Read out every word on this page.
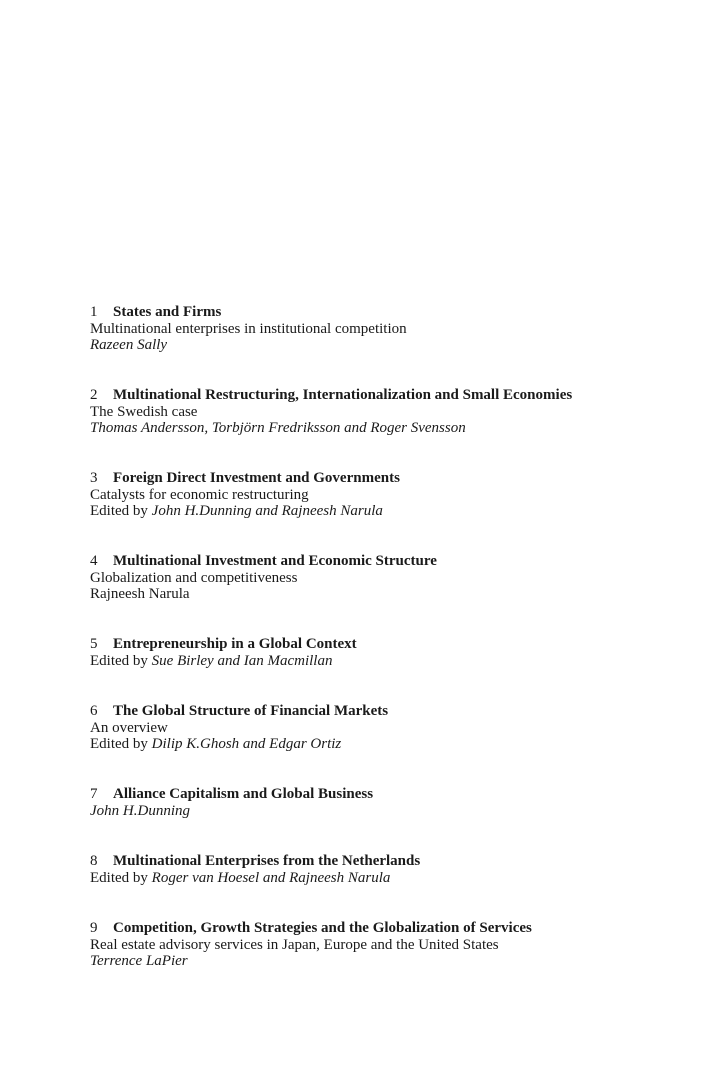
1 States and Firms
Multinational enterprises in institutional competition
Razeen Sally
2 Multinational Restructuring, Internationalization and Small Economies
The Swedish case
Thomas Andersson, Torbjörn Fredriksson and Roger Svensson
3 Foreign Direct Investment and Governments
Catalysts for economic restructuring
Edited by John H.Dunning and Rajneesh Narula
4 Multinational Investment and Economic Structure
Globalization and competitiveness
Rajneesh Narula
5 Entrepreneurship in a Global Context
Edited by Sue Birley and Ian Macmillan
6 The Global Structure of Financial Markets
An overview
Edited by Dilip K.Ghosh and Edgar Ortiz
7 Alliance Capitalism and Global Business
John H.Dunning
8 Multinational Enterprises from the Netherlands
Edited by Roger van Hoesel and Rajneesh Narula
9 Competition, Growth Strategies and the Globalization of Services
Real estate advisory services in Japan, Europe and the United States
Terrence LaPier
